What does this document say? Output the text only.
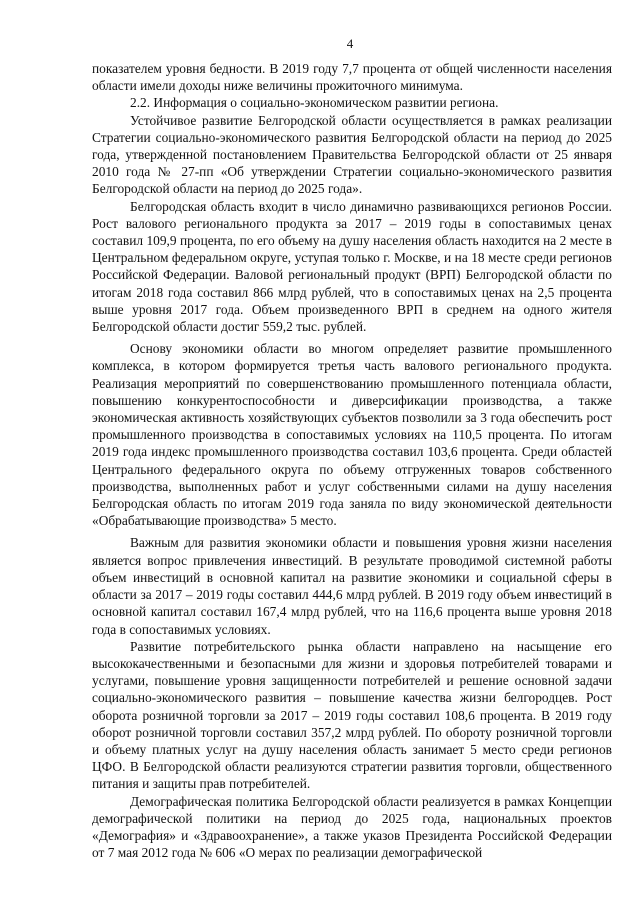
4

показателем уровня бедности. В 2019 году 7,7 процента от общей численности населения области имели доходы ниже величины прожиточного минимума.

2.2. Информация о социально-экономическом развитии региона.

Устойчивое развитие Белгородской области осуществляется в рамках реализации Стратегии социально-экономического развития Белгородской области на период до 2025 года, утвержденной постановлением Правительства Белгородской области от 25 января 2010 года № 27-пп «Об утверждении Стратегии социально-экономического развития Белгородской области на период до 2025 года».

Белгородская область входит в число динамично развивающихся регионов России. Рост валового регионального продукта за 2017 – 2019 годы в сопоставимых ценах составил 109,9 процента, по его объему на душу населения область находится на 2 месте в Центральном федеральном округе, уступая только г. Москве, и на 18 месте среди регионов Российской Федерации. Валовой региональный продукт (ВРП) Белгородской области по итогам 2018 года составил 866 млрд рублей, что в сопоставимых ценах на 2,5 процента выше уровня 2017 года. Объем произведенного ВРП в среднем на одного жителя Белгородской области достиг 559,2 тыс. рублей.

Основу экономики области во многом определяет развитие промышленного комплекса, в котором формируется третья часть валового регионального продукта. Реализация мероприятий по совершенствованию промышленного потенциала области, повышению конкурентоспособности и диверсификации производства, а также экономическая активность хозяйствующих субъектов позволили за 3 года обеспечить рост промышленного производства в сопоставимых условиях на 110,5 процента. По итогам 2019 года индекс промышленного производства составил 103,6 процента. Среди областей Центрального федерального округа по объему отгруженных товаров собственного производства, выполненных работ и услуг собственными силами на душу населения Белгородская область по итогам 2019 года заняла по виду экономической деятельности «Обрабатывающие производства» 5 место.

Важным для развития экономики области и повышения уровня жизни населения является вопрос привлечения инвестиций. В результате проводимой системной работы объем инвестиций в основной капитал на развитие экономики и социальной сферы в области за 2017 – 2019 годы составил 444,6 млрд рублей. В 2019 году объем инвестиций в основной капитал составил 167,4 млрд рублей, что на 116,6 процента выше уровня 2018 года в сопоставимых условиях.

Развитие потребительского рынка области направлено на насыщение его высококачественными и безопасными для жизни и здоровья потребителей товарами и услугами, повышение уровня защищенности потребителей и решение основной задачи социально-экономического развития – повышение качества жизни белгородцев. Рост оборота розничной торговли за 2017 – 2019 годы составил 108,6 процента. В 2019 году оборот розничной торговли составил 357,2 млрд рублей. По обороту розничной торговли и объему платных услуг на душу населения область занимает 5 место среди регионов ЦФО. В Белгородской области реализуются стратегии развития торговли, общественного питания и защиты прав потребителей.

Демографическая политика Белгородской области реализуется в рамках Концепции демографической политики на период до 2025 года, национальных проектов «Демография» и «Здравоохранение», а также указов Президента Российской Федерации от 7 мая 2012 года № 606 «О мерах по реализации демографической
